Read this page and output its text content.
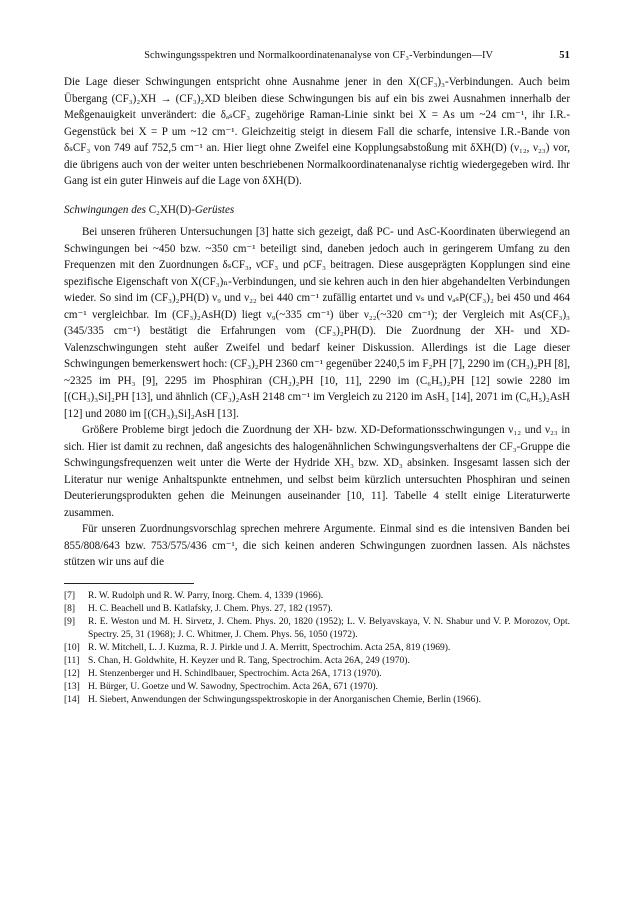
Schwingungsspektren und Normalkoordinatenanalyse von CF₃-Verbindungen—IV	51

Die Lage dieser Schwingungen entspricht ohne Ausnahme jener in den X(CF₃)₃-Verbindungen. Auch beim Übergang (CF₃)₂XH → (CF₃)₂XD bleiben diese Schwingungen bis auf ein bis zwei Ausnahmen innerhalb der Meßgenauigkeit unverändert: die δₐₛCF₃ zugehörige Raman-Linie sinkt bei X = As um ~24 cm⁻¹, ihr I.R.-Gegenstück bei X = P um ~12 cm⁻¹. Gleichzeitig steigt in diesem Fall die scharfe, intensive I.R.-Bande von δₛCF₃ von 749 auf 752,5 cm⁻¹ an. Hier liegt ohne Zweifel eine Kopplungsabstoßung mit δXH(D) (ν₁₂, ν₂₃) vor, die übrigens auch von der weiter unten beschriebenen Normalkoordinatenanalyse richtig wiedergegeben wird. Ihr Gang ist ein guter Hinweis auf die Lage von δXH(D).

Schwingungen des C₂XH(D)-Gerüstes

Bei unseren früheren Untersuchungen [3] hatte sich gezeigt, daß PC- und AsC-Koordinaten überwiegend an Schwingungen bei ~450 bzw. ~350 cm⁻¹ beteiligt sind, daneben jedoch auch in geringerem Umfang zu den Frequenzen mit den Zuordnungen δₛCF₃, νCF₃ und ρCF₃ beitragen. Diese ausgeprägten Kopplungen sind eine spezifische Eigenschaft von X(CF₃)ₙ-Verbindungen, und sie kehren auch in den hier abgehandelten Verbindungen wieder. So sind im (CF₃)₂PH(D) ν₉ und ν₂₂ bei 440 cm⁻¹ zufällig entartet und νₛ und νₐₛP(CF₃)₂ bei 450 und 464 cm⁻¹ vergleichbar. Im (CF₃)₂AsH(D) liegt ν₉(~335 cm⁻¹) über ν₂₂(~320 cm⁻¹); der Vergleich mit As(CF₃)₃ (345/335 cm⁻¹) bestätigt die Erfahrungen vom (CF₃)₂PH(D). Die Zuordnung der XH- und XD-Valenzschwingungen steht außer Zweifel und bedarf keiner Diskussion. Allerdings ist die Lage dieser Schwingungen bemerkenswert hoch: (CF₃)₂PH 2360 cm⁻¹ gegenüber 2240,5 im F₂PH [7], 2290 im (CH₃)₂PH [8], ~2325 im PH₃ [9], 2295 im Phosphiran (CH₂)₂PH [10, 11], 2290 im (C₆H₅)₂PH [12] sowie 2280 im [(CH₃)₃Si]₂PH [13], und ähnlich (CF₃)₂AsH 2148 cm⁻¹ im Vergleich zu 2120 im AsH₃ [14], 2071 im (C₆H₅)₂AsH [12] und 2080 im [(CH₃)₃Si]₂AsH [13].

Größere Probleme birgt jedoch die Zuordnung der XH- bzw. XD-Deformationsschwingungen ν₁₂ und ν₂₃ in sich. Hier ist damit zu rechnen, daß angesichts des halogenähnlichen Schwingungsverhaltens der CF₃-Gruppe die Schwingungsfrequenzen weit unter die Werte der Hydride XH₃ bzw. XD₃ absinken. Insgesamt lassen sich der Literatur nur wenige Anhaltspunkte entnehmen, und selbst beim kürzlich untersuchten Phosphiran und seinen Deuterierungsprodukten gehen die Meinungen auseinander [10, 11]. Tabelle 4 stellt einige Literaturwerte zusammen.

Für unseren Zuordnungsvorschlag sprechen mehrere Argumente. Einmal sind es die intensiven Banden bei 855/808/643 bzw. 753/575/436 cm⁻¹, die sich keinen anderen Schwingungen zuordnen lassen. Als nächstes stützen wir uns auf die

[7]	R. W. Rudolph und R. W. Parry, Inorg. Chem. 4, 1339 (1966).
[8]	H. C. Beachell und B. Katlafsky, J. Chem. Phys. 27, 182 (1957).
[9]	R. E. Weston und M. H. Sirvetz, J. Chem. Phys. 20, 1820 (1952); L. V. Belyavskaya, V. N. Shabur und V. P. Morozov, Opt. Spectry. 25, 31 (1968); J. C. Whitmer, J. Chem. Phys. 56, 1050 (1972).
[10] R. W. Mitchell, L. J. Kuzma, R. J. Pirkle und J. A. Merritt, Spectrochim. Acta 25A, 819 (1969).
[11] S. Chan, H. Goldwhite, H. Keyzer und R. Tang, Spectrochim. Acta 26A, 249 (1970).
[12] H. Stenzenberger und H. Schindlbauer, Spectrochim. Acta 26A, 1713 (1970).
[13] H. Bürger, U. Goetze und W. Sawodny, Spectrochim. Acta 26A, 671 (1970).
[14] H. Siebert, Anwendungen der Schwingungsspektroskopie in der Anorganischen Chemie, Berlin (1966).
